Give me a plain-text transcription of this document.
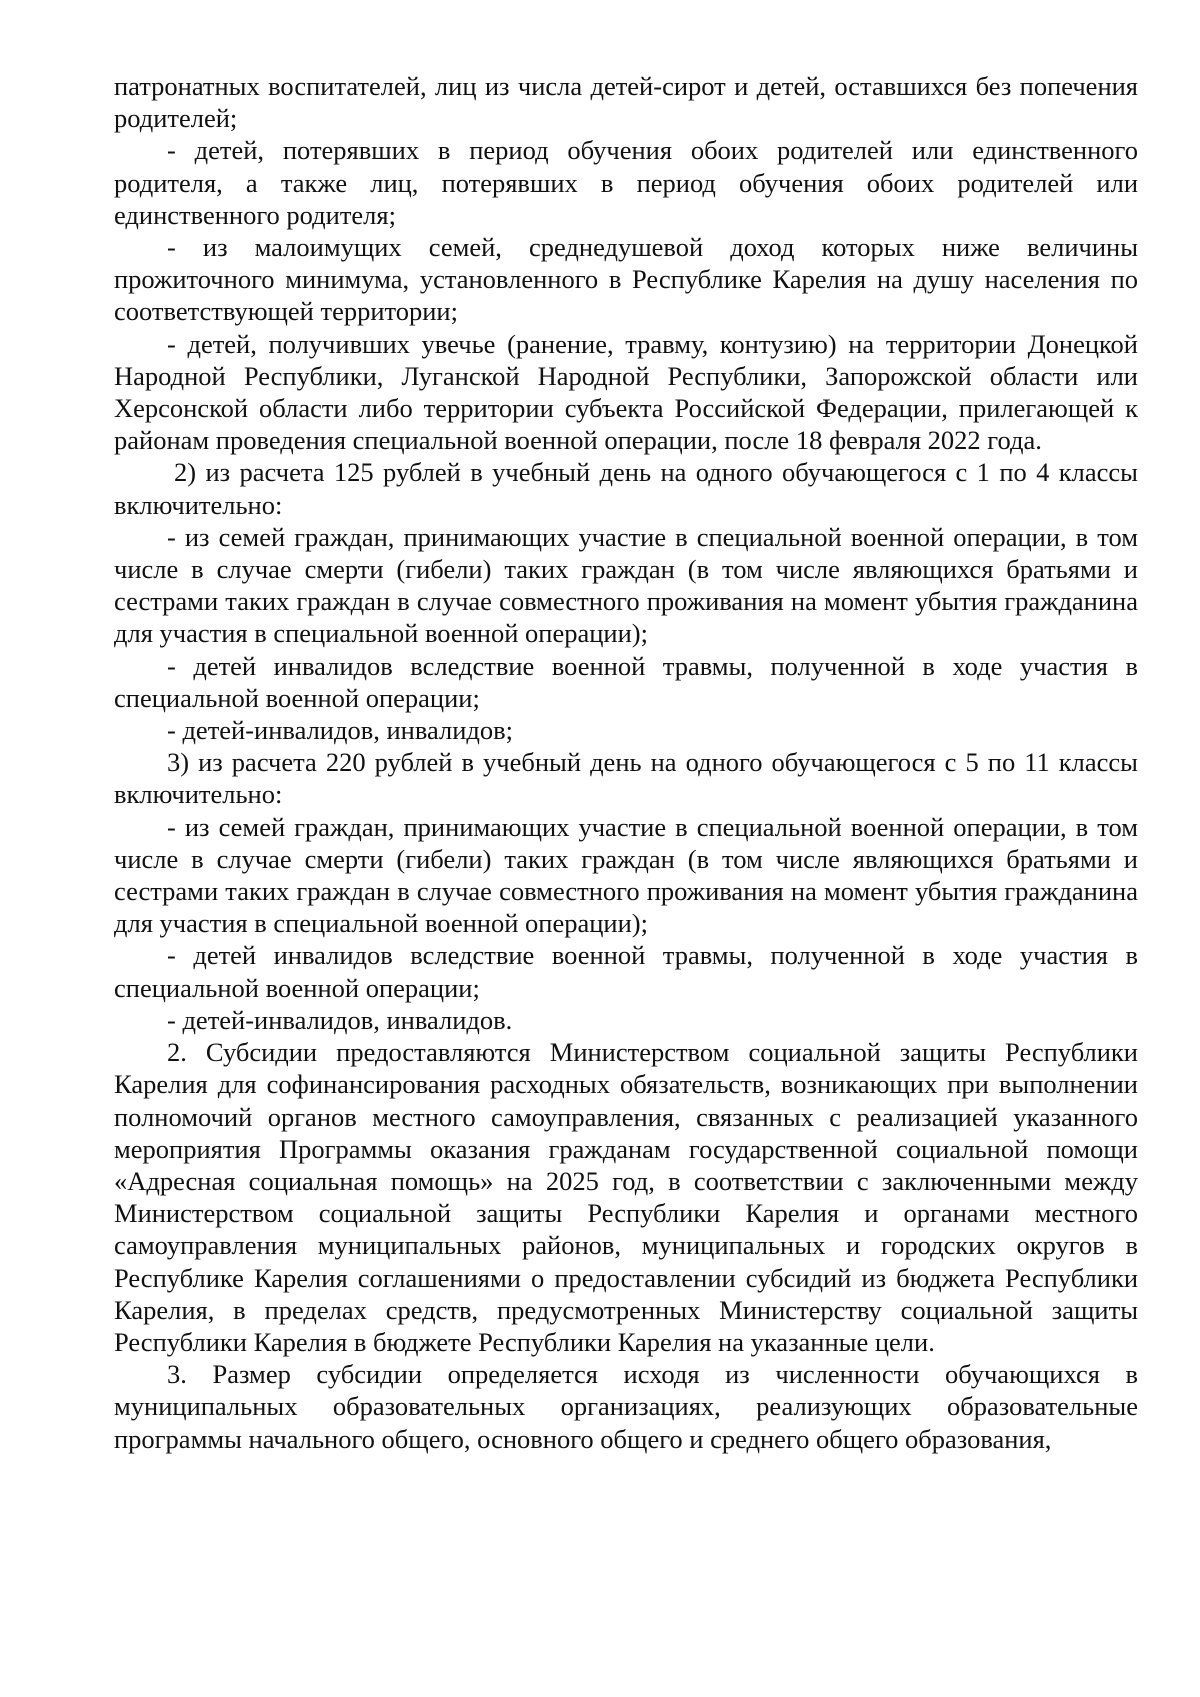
патронатных воспитателей, лиц из числа детей-сирот и детей, оставшихся без попечения родителей;

- детей, потерявших в период обучения обоих родителей или единственного родителя, а также лиц, потерявших в период обучения обоих родителей или единственного родителя;

- из малоимущих семей, среднедушевой доход которых ниже величины прожиточного минимума, установленного в Республике Карелия на душу населения по соответствующей территории;

- детей, получивших увечье (ранение, травму, контузию) на территории Донецкой Народной Республики, Луганской Народной Республики, Запорожской области или Херсонской области либо территории субъекта Российской Федерации, прилегающей к районам проведения специальной военной операции, после 18 февраля 2022 года.

2) из расчета 125 рублей в учебный день на одного обучающегося с 1 по 4 классы включительно:

- из семей граждан, принимающих участие в специальной военной операции, в том числе в случае смерти (гибели) таких граждан (в том числе являющихся братьями и сестрами таких граждан в случае совместного проживания на момент убытия гражданина для участия в специальной военной операции);

- детей инвалидов вследствие военной травмы, полученной в ходе участия в специальной военной операции;

- детей-инвалидов, инвалидов;

3) из расчета 220 рублей в учебный день на одного обучающегося с 5 по 11 классы включительно:

- из семей граждан, принимающих участие в специальной военной операции, в том числе в случае смерти (гибели) таких граждан (в том числе являющихся братьями и сестрами таких граждан в случае совместного проживания на момент убытия гражданина для участия в специальной военной операции);

- детей инвалидов вследствие военной травмы, полученной в ходе участия в специальной военной операции;

- детей-инвалидов, инвалидов.

2. Субсидии предоставляются Министерством социальной защиты Республики Карелия для софинансирования расходных обязательств, возникающих при выполнении полномочий органов местного самоуправления, связанных с реализацией указанного мероприятия Программы оказания гражданам государственной социальной помощи «Адресная социальная помощь» на 2025 год, в соответствии с заключенными между Министерством социальной защиты Республики Карелия и органами местного самоуправления муниципальных районов, муниципальных и городских округов в Республике Карелия соглашениями о предоставлении субсидий из бюджета Республики Карелия, в пределах средств, предусмотренных Министерству социальной защиты Республики Карелия в бюджете Республики Карелия на указанные цели.

3. Размер субсидии определяется исходя из численности обучающихся в муниципальных образовательных организациях, реализующих образовательные программы начального общего, основного общего и среднего общего образования,
